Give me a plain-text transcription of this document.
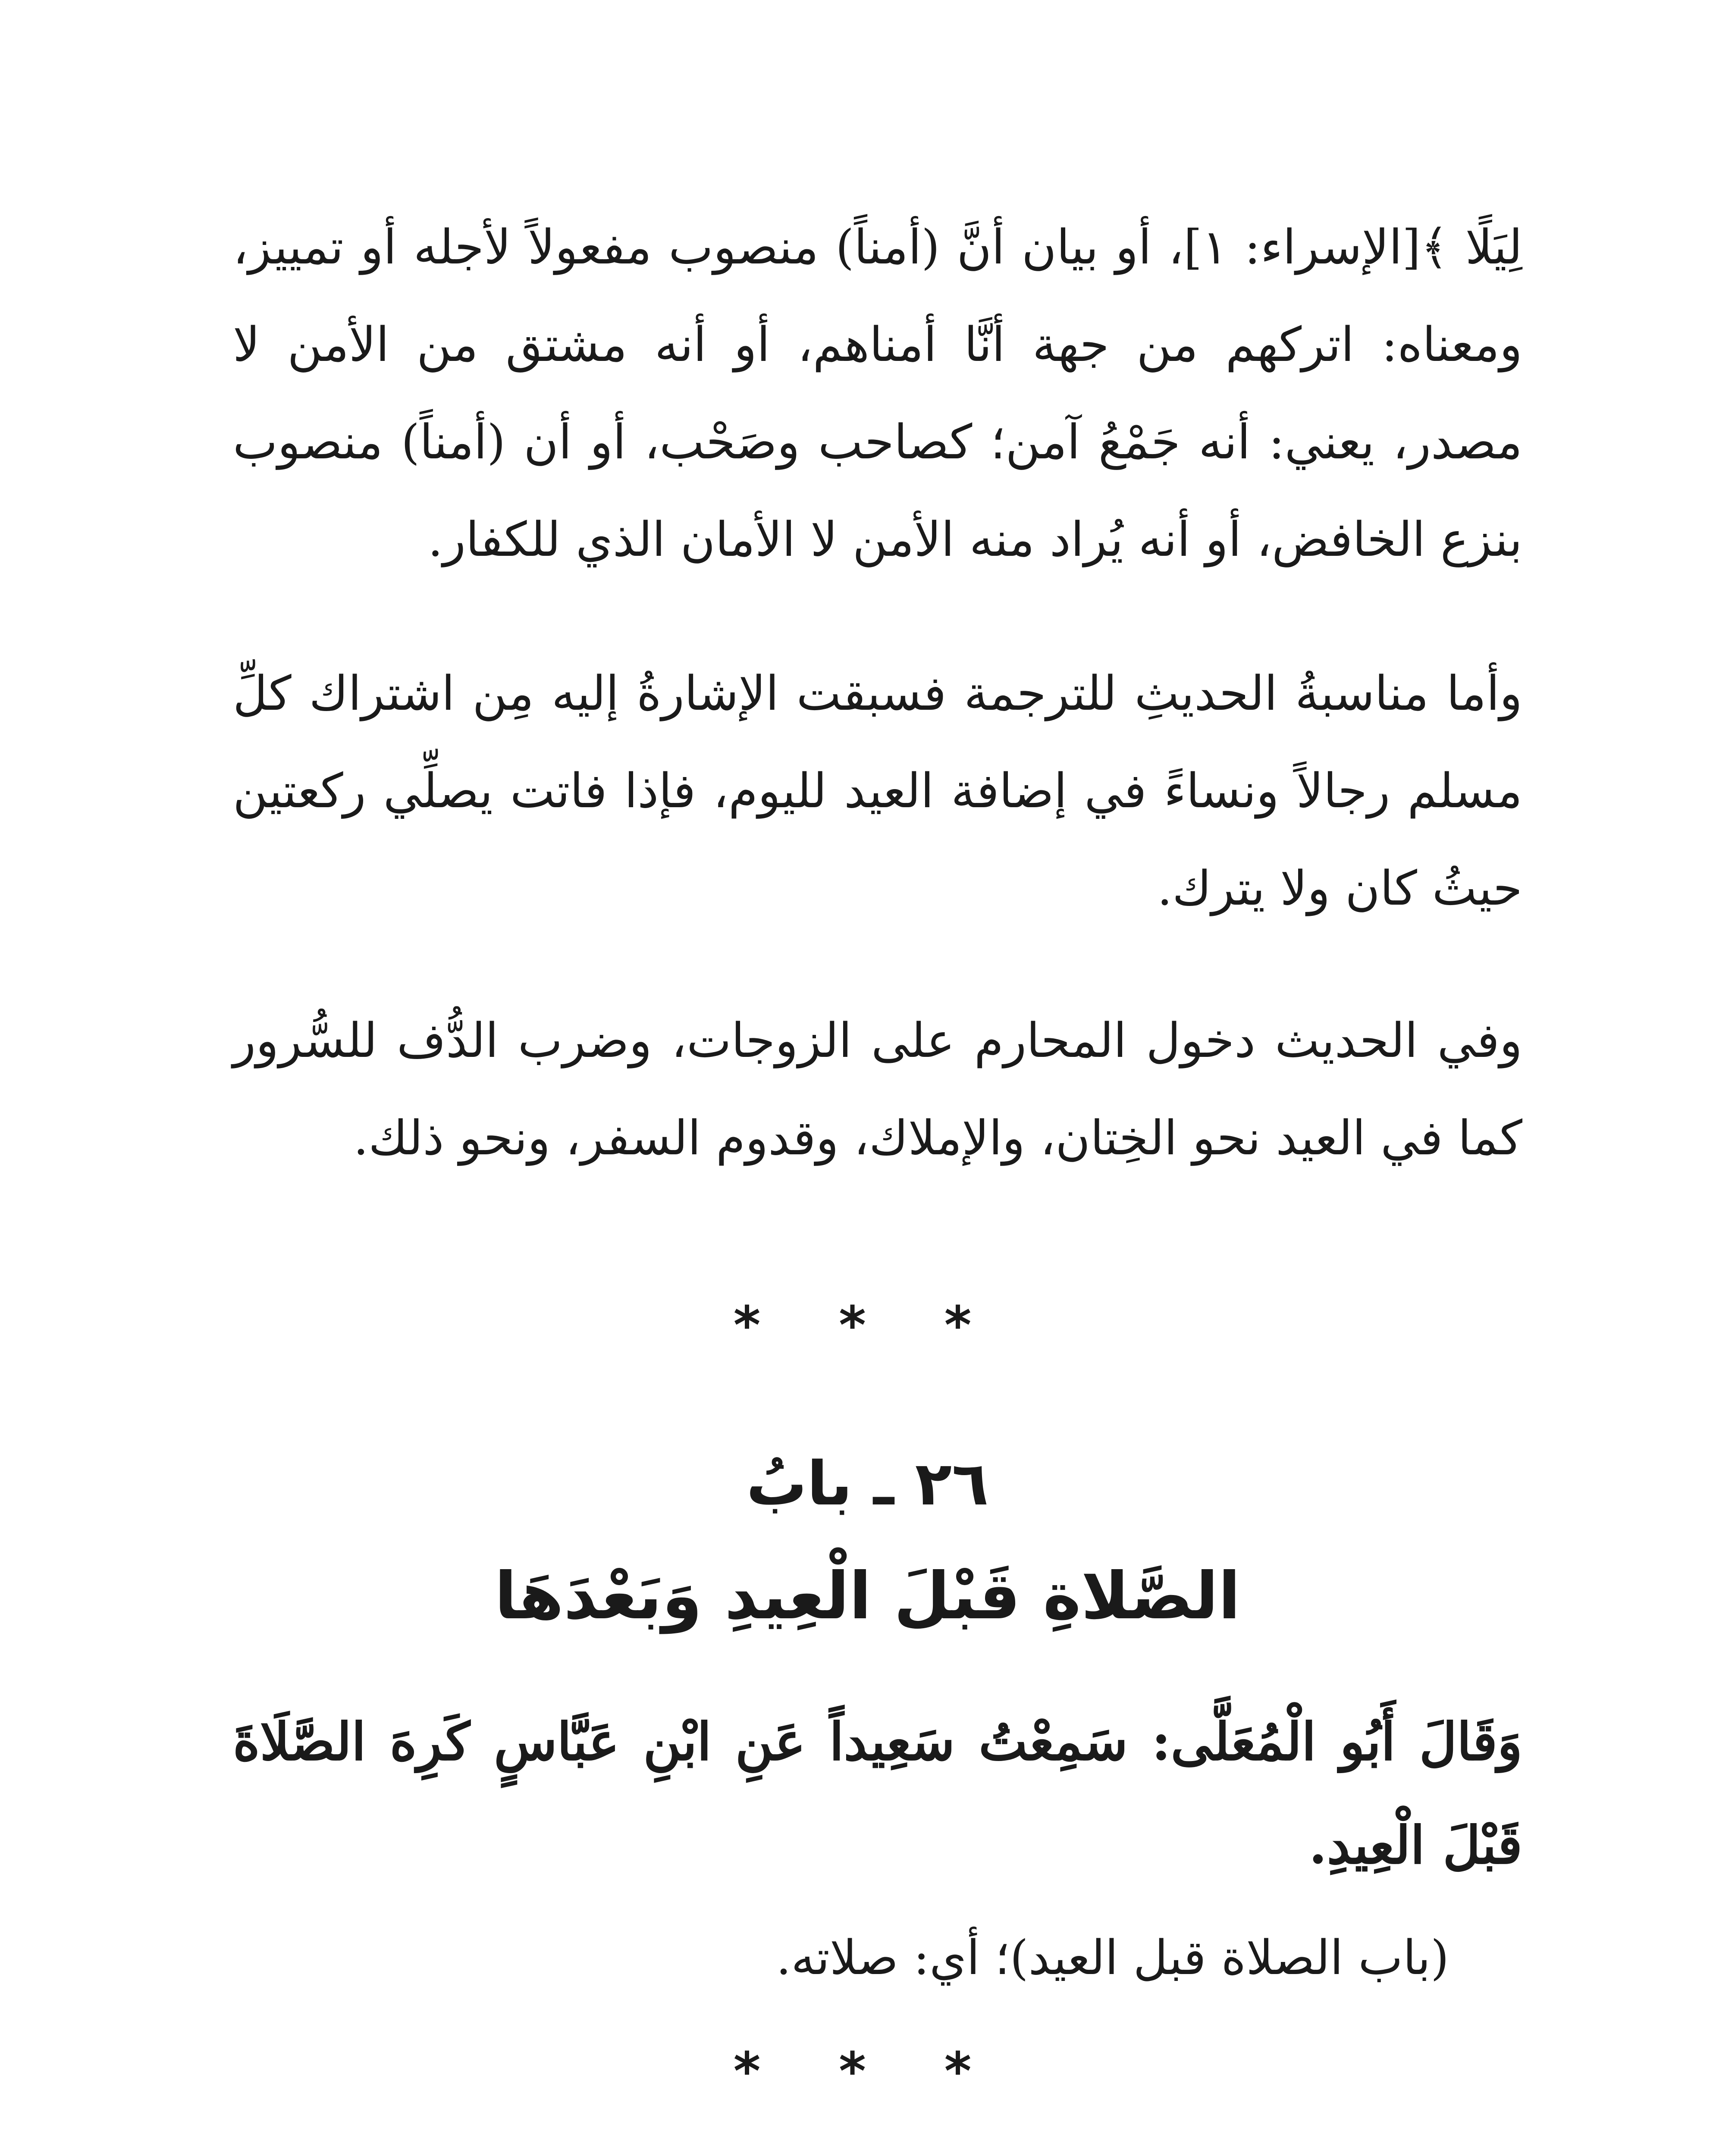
لِيَلًا ﴾[الإسراء: ١]، أو بيان أنَّ (أمناً) منصوب مفعولاً لأجله أو تمييز، ومعناه: اتركهم من جهة أنَّا أمناهم، أو أنه مشتق من الأمن لا مصدر، يعني: أنه جَمْعُ آمن؛ كصاحب وصَحْب، أو أن (أمناً) منصوب بنزع الخافض، أو أنه يُراد منه الأمن لا الأمان الذي للكفار.

وأما مناسبةُ الحديثِ للترجمة فسبقت الإشارةُ إليه مِن اشتراك كلِّ مسلم رجالاً ونساءً في إضافة العيد لليوم، فإذا فاتت يصلِّي ركعتين حيثُ كان ولا يترك.

وفي الحديث دخول المحارم على الزوجات، وضرب الدُّف للسُّرور كما في العيد نحو الخِتان، والإملاك، وقدوم السفر، ونحو ذلك.

* * *
٢٦ ـ بابُ
الصَّلاةِ قَبْلَ الْعِيدِ وَبَعْدَهَا
وَقَالَ أَبُو الْمُعَلَّى: سَمِعْتُ سَعِيداً عَنِ ابْنِ عَبَّاسٍ كَرِهَ الصَّلَاةَ قَبْلَ الْعِيدِ.
(باب الصلاة قبل العيد)؛ أي: صلاته.
* * *
